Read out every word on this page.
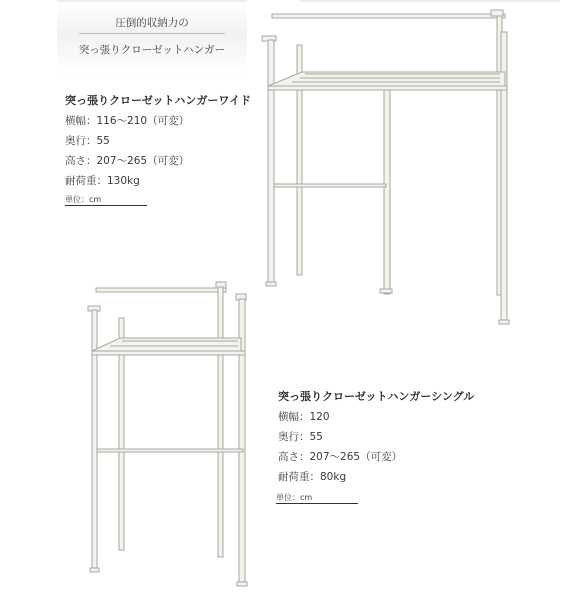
圧倒的収納力の
突っ張りクローゼットハンガー
突っ張りクローゼットハンガーワイド
横幅：116～210（可変）
奥行：55
高さ：207～265（可変）
耐荷重：130kg
単位：cm
突っ張りクローゼットハンガーシングル
横幅：120
奥行：55
高さ：207～265（可変）
耐荷重：80kg
単位：cm
